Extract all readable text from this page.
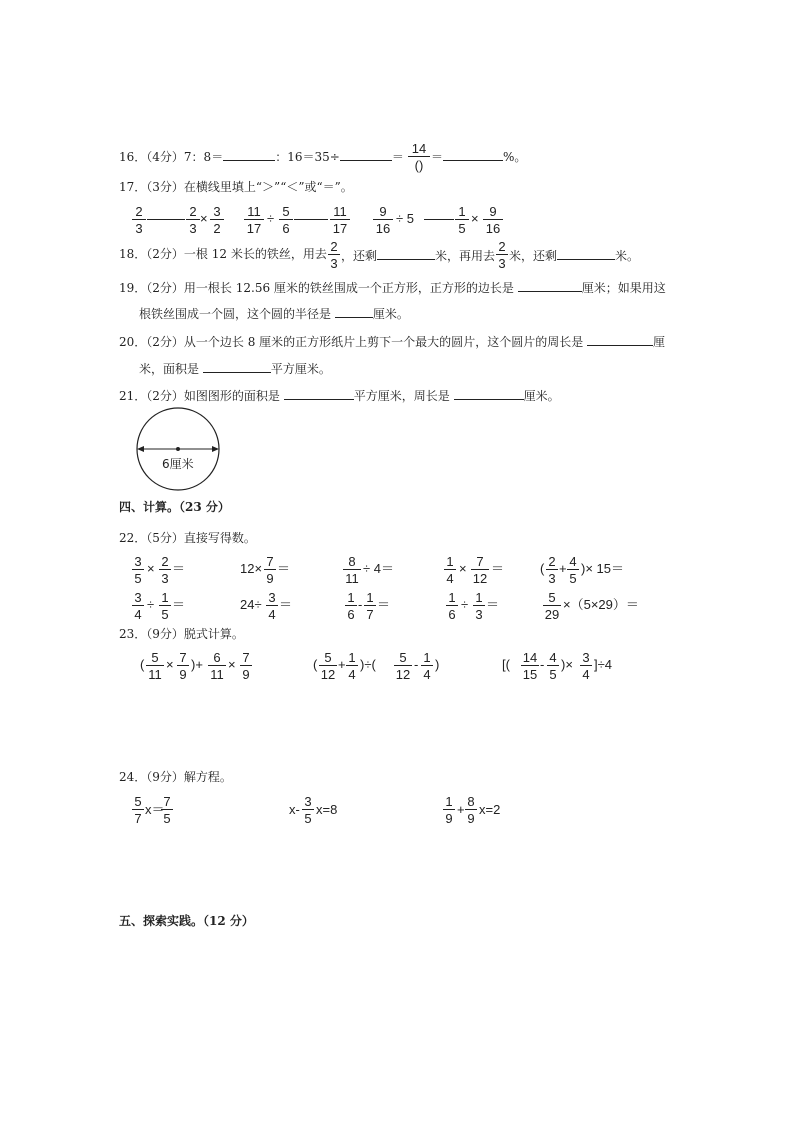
16．（4分）7：8＝	：16＝35÷	＝
14
()
＝	%。
17．（3分）在横线里填上“＞”“＜”或“＝”。
$\frac{2}{3}$	$\frac{2}{3} \times \frac{3}{2} \frac{11}{17} \div \frac{5}{6}$	$\frac{11}{17} \frac{9}{16} \div 5$	$\frac{1}{5} \times \frac{9}{16}$
18．（2分）一根 12 米长的铁丝，用去 $\frac{2}{3}$ ，还剩	米，再用去 $\frac{2}{3}$ 米，还剩	米。
19．（2分）用一根长 12.56 厘米的铁丝围成一个正方形，正方形的边长是	厘米；如果用这
根铁丝围成一个圆，这个圆的半径是	厘米。
20．（2分）从一个边长 8 厘米的正方形纸片上剪下一个最大的圆片，这个圆片的周长是	厘
米，面积是	平方厘米。
21．（2分）如图图形的面积是	平方厘米，周长是	厘米。
6厘米
四、计算。（23 分）
22．（5分）直接写得数。
$\frac{3}{5} \times \frac{2}{3}$ ＝	$12\times \frac{7}{9}$ ＝	$\frac{8}{11} \div 4=$	$\frac{1}{4} \times \frac{7}{12}$ ＝	( $\frac{2}{3} + \frac{4}{5}$ )× 15＝
$\frac{3}{4} \div \frac{1}{5}$ ＝	$24\div \frac{3}{4}$ ＝	$\frac{1}{6} - \frac{1}{7}$ ＝	$\frac{1}{6} \div \frac{1}{3}$ ＝	$\frac{5}{29} \times(5\times 29)=$
23．（9分）脱式计算。
( $\frac{5}{11} \times \frac{7}{9}$ )+ $\frac{6}{11} \times \frac{7}{9}$	( $\frac{5}{12} + \frac{1}{4}$ )÷( $\frac{5}{12} - \frac{1}{4}$ )	[( $\frac{14}{15} - \frac{4}{5}$ )× $\frac{3}{4} ]\div 4$
24．（9分）解方程。
$\frac{5}{7} x=$
$\frac{7}{5}$	$x- \frac{3}{5} x=8$	$\frac{1}{9} + \frac{8}{9} x=2$
五、探索实践。（12 分）
